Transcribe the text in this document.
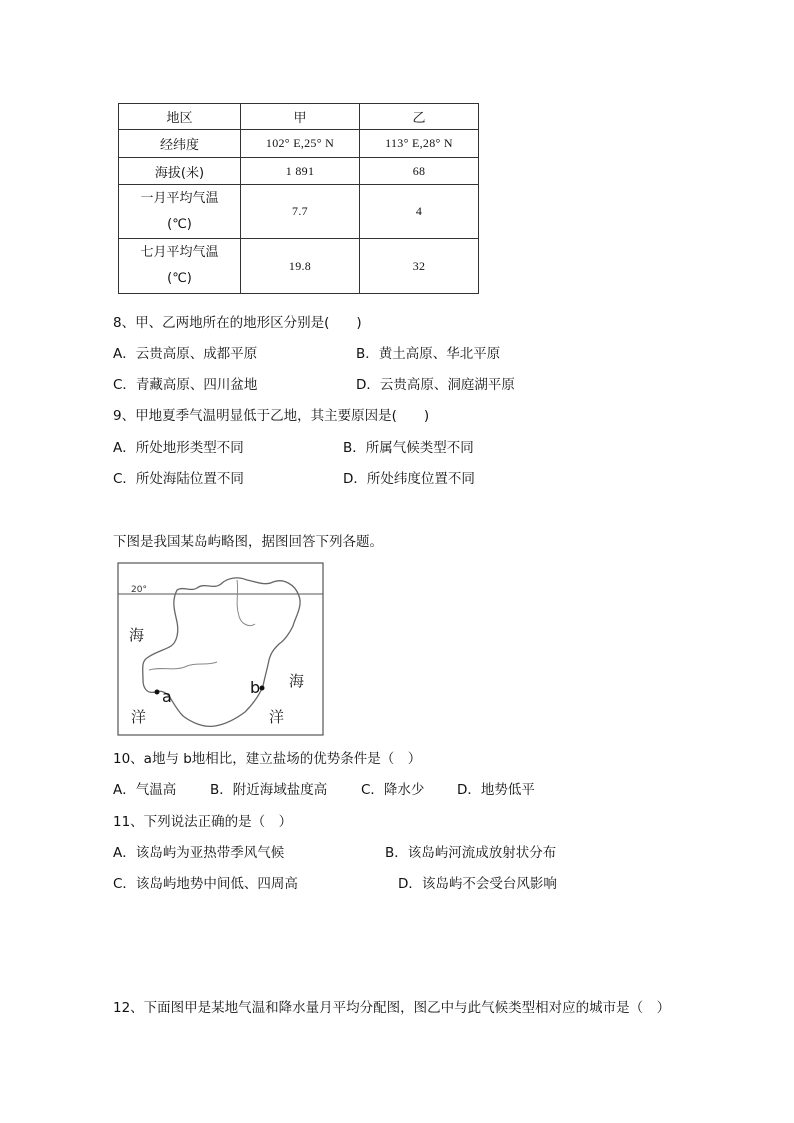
地区	甲	乙
经纬度	102° E,25° N	113° E,28° N
海拔(米)	1 891	68

一月平均气温
(℃)	7.7	4

七月平均气温
(℃)	19.8	32
8、甲、乙两地所在的地形区分别是(　　)
A．云贵高原、成都平原	B．黄土高原、华北平原
C．青藏高原、四川盆地	D．云贵高原、洞庭湖平原
9、甲地夏季气温明显低于乙地，其主要原因是(　　)
A．所处地形类型不同	B．所属气候类型不同
C．所处海陆位置不同	D．所处纬度位置不同
下图是我国某岛屿略图，据图回答下列各题。
20°
海
洋
海
洋
a	b
10、a地与 b地相比，建立盐场的优势条件是（　）
A．气温高	B．附近海域盐度高 C．降水少 D．地势低平
11、下列说法正确的是（　）
A．该岛屿为亚热带季风气候	B．该岛屿河流成放射状分布
C．该岛屿地势中间低、四周高	D．该岛屿不会受台风影响
12、下面图甲是某地气温和降水量月平均分配图，图乙中与此气候类型相对应的城市是（　）
